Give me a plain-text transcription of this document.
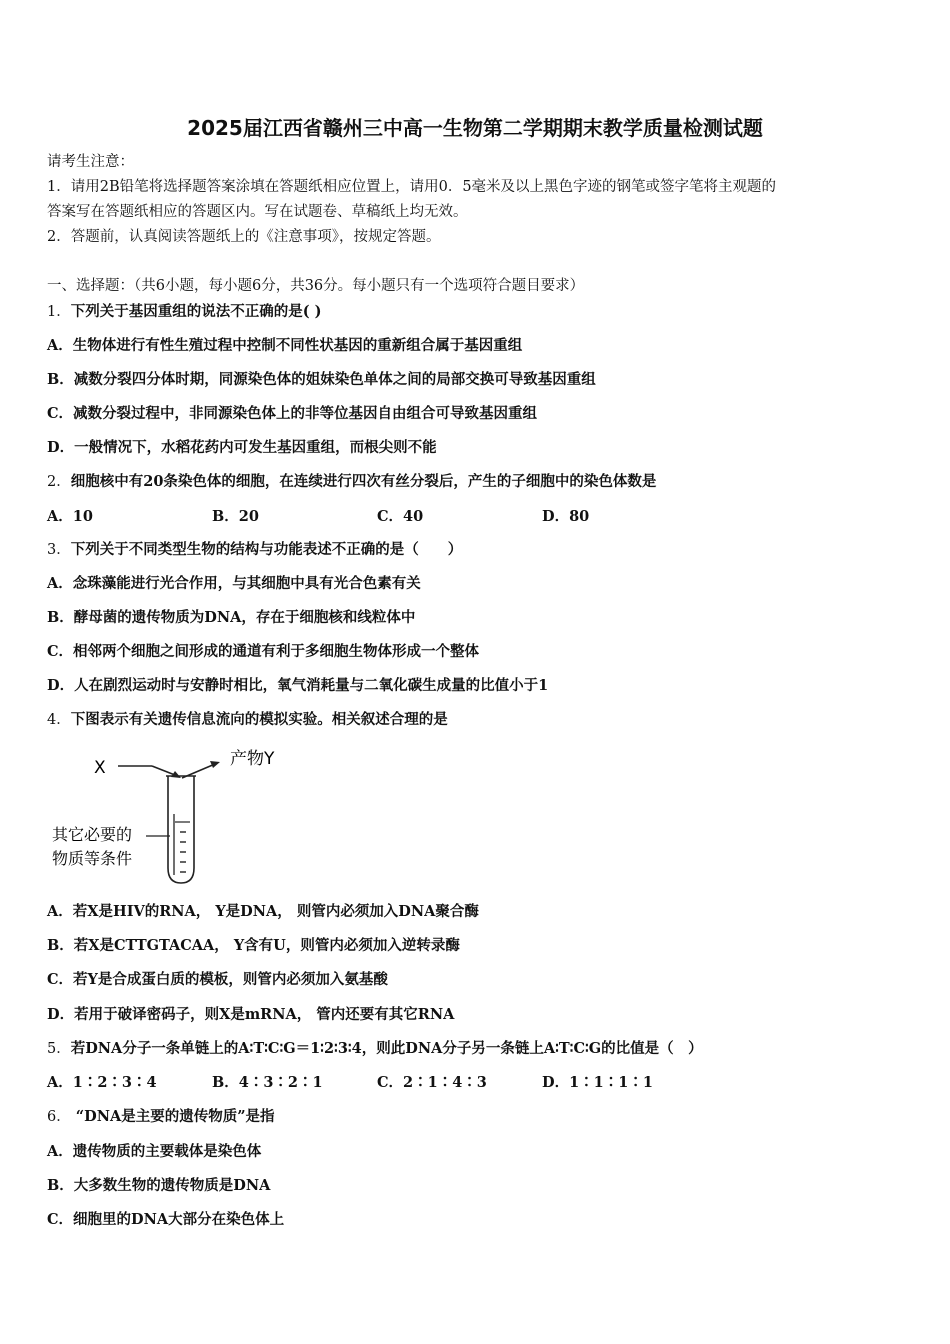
2025届江西省赣州三中高一生物第二学期期末教学质量检测试题
请考生注意：
1．请用2B铅笔将选择题答案涂填在答题纸相应位置上，请用0．5毫米及以上黑色字迹的钢笔或签字笔将主观题的
答案写在答题纸相应的答题区内。写在试题卷、草稿纸上均无效。
2．答题前，认真阅读答题纸上的《注意事项》，按规定答题。
一、选择题：（共6小题，每小题6分，共36分。每小题只有一个选项符合题目要求）
1．下列关于基因重组的说法不正确的是( )
A．生物体进行有性生殖过程中控制不同性状基因的重新组合属于基因重组
B．减数分裂四分体时期，同源染色体的姐妹染色单体之间的局部交换可导致基因重组
C．减数分裂过程中，非同源染色体上的非等位基因自由组合可导致基因重组
D．一般情况下，水稻花药内可发生基因重组，而根尖则不能
2．细胞核中有20条染色体的细胞，在连续进行四次有丝分裂后，产生的子细胞中的染色体数是
A．10	B．20	C．40	D．80
3．下列关于不同类型生物的结构与功能表述不正确的是（　　）
A．念珠藻能进行光合作用，与其细胞中具有光合色素有关
B．酵母菌的遗传物质为DNA，存在于细胞核和线粒体中
C．相邻两个细胞之间形成的通道有利于多细胞生物体形成一个整体
D．人在剧烈运动时与安静时相比，氧气消耗量与二氧化碳生成量的比值小于1
4．下图表示有关遗传信息流向的模拟实验。相关叙述合理的是
X	产物Y
其它必要的
物质等条件
A．若X是HIV的RNA， Y是DNA， 则管内必须加入DNA聚合酶
B．若X是CTTGTACAA， Y含有U，则管内必须加入逆转录酶
C．若Y是合成蛋白质的模板，则管内必须加入氨基酸
D．若用于破译密码子，则X是mRNA， 管内还要有其它RNA
5．若DNA分子一条单链上的A∶T∶C∶G＝1∶2∶3∶4，则此DNA分子另一条链上A∶T∶C∶G的比值是（　）
A．1∶2∶3∶4	B．4∶3∶2∶1	C．2∶1∶4∶3	D．1∶1∶1∶1
6． “DNA是主要的遗传物质”是指
A．遗传物质的主要载体是染色体
B．大多数生物的遗传物质是DNA
C．细胞里的DNA大部分在染色体上
